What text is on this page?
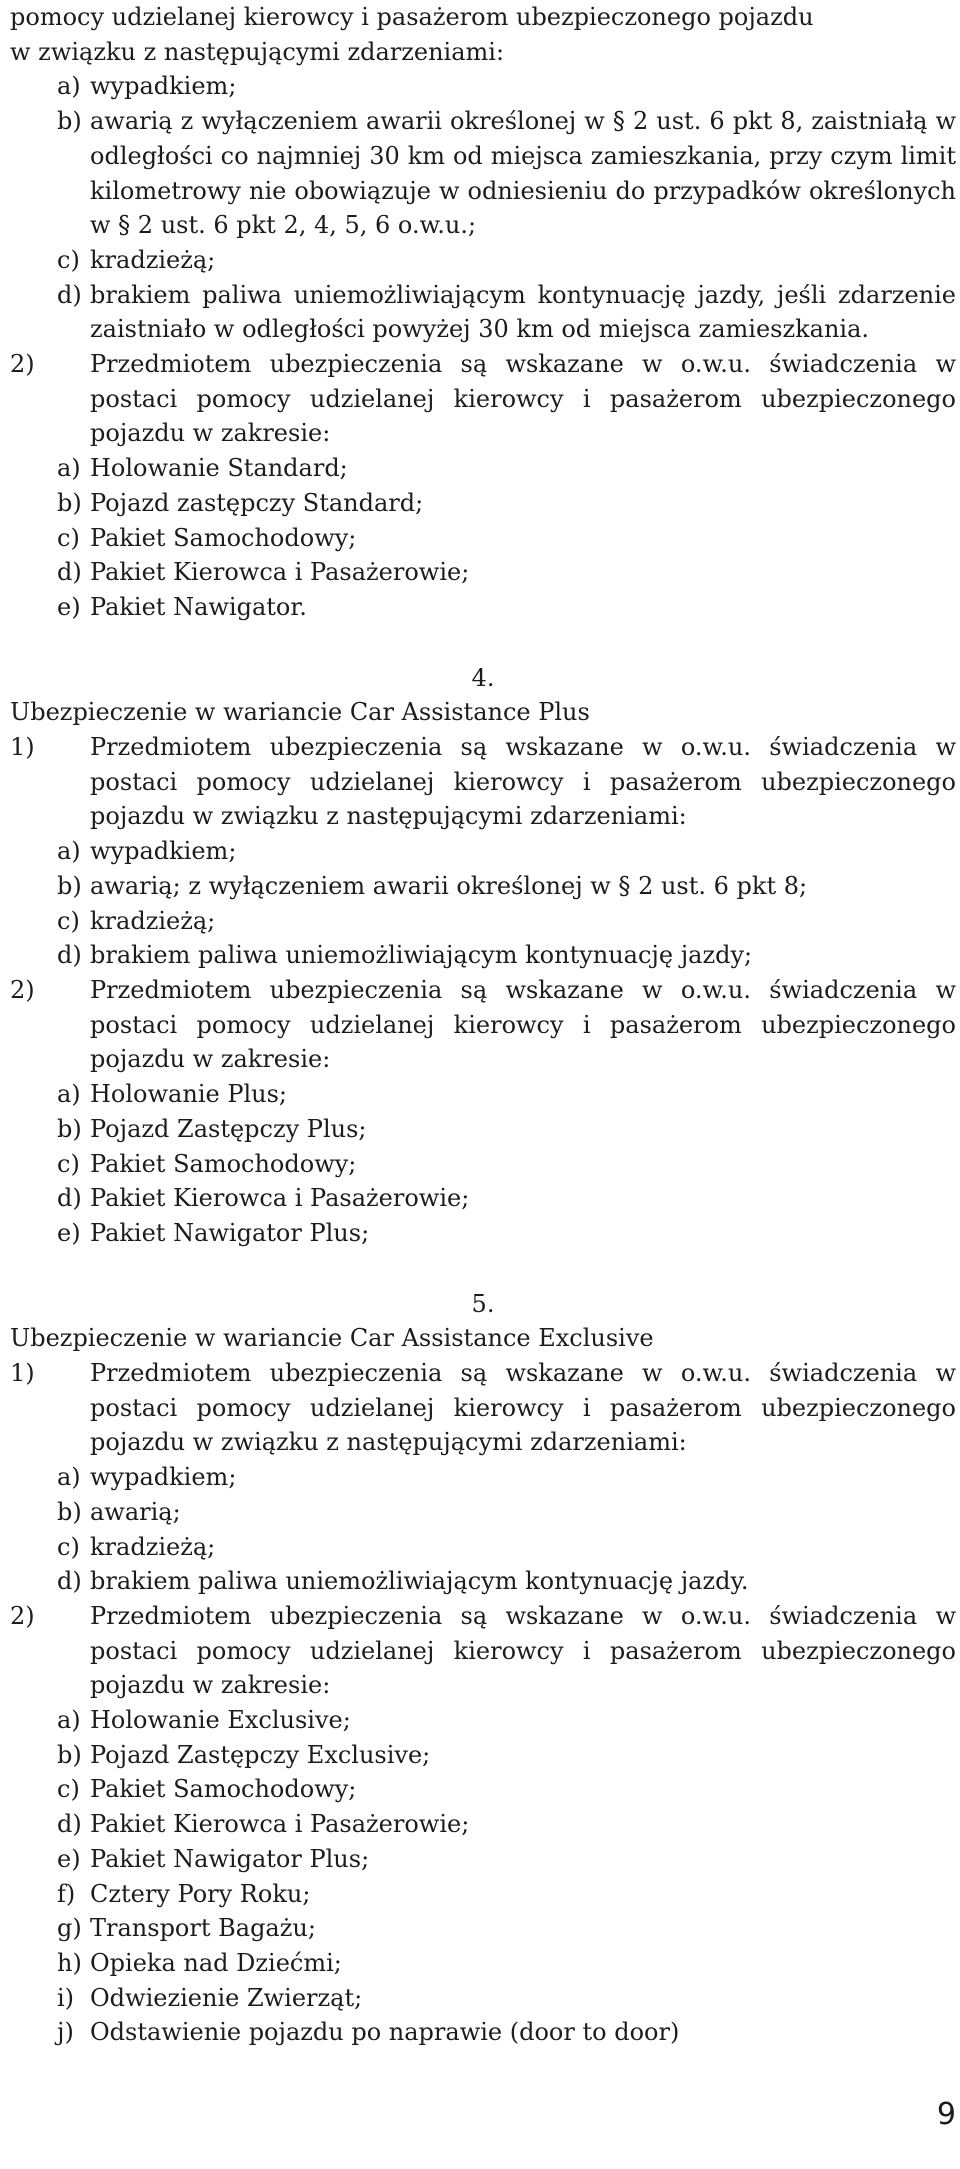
pomocy udzielanej kierowcy i pasażerom ubezpieczonego pojazdu

w związku z następującymi zdarzeniami:

a) wypadkiem;
b) awarią z wyłączeniem awarii określonej w § 2 ust. 6 pkt 8, zaistniałą w odległości co najmniej 30 km od miejsca zamieszkania, przy czym limit kilometrowy nie obowiązuje w odniesieniu do przypadków określonych w § 2 ust. 6 pkt 2, 4, 5, 6 o.w.u.;
c) kradzieżą;
d) brakiem paliwa uniemożliwiającym kontynuację jazdy, jeśli zdarzenie zaistniało w odległości powyżej 30 km od miejsca zamieszkania.
2) Przedmiotem ubezpieczenia są wskazane w o.w.u. świadczenia w postaci pomocy udzielanej kierowcy i pasażerom ubezpieczonego pojazdu w zakresie:
a) Holowanie Standard;
b) Pojazd zastępczy Standard;
c) Pakiet Samochodowy;
d) Pakiet Kierowca i Pasażerowie;
e) Pakiet Nawigator.

4.

Ubezpieczenie w wariancie Car Assistance Plus

1) Przedmiotem ubezpieczenia są wskazane w o.w.u. świadczenia w postaci pomocy udzielanej kierowcy i pasażerom ubezpieczonego pojazdu w związku z następującymi zdarzeniami:
a) wypadkiem;
b) awarią; z wyłączeniem awarii określonej w § 2 ust. 6 pkt 8;
c) kradzieżą;
d) brakiem paliwa uniemożliwiającym kontynuację jazdy;
2) Przedmiotem ubezpieczenia są wskazane w o.w.u. świadczenia w postaci pomocy udzielanej kierowcy i pasażerom ubezpieczonego pojazdu w zakresie:
a) Holowanie Plus;
b) Pojazd Zastępczy Plus;
c) Pakiet Samochodowy;
d) Pakiet Kierowca i Pasażerowie;
e) Pakiet Nawigator Plus;

5.

Ubezpieczenie w wariancie Car Assistance Exclusive

1) Przedmiotem ubezpieczenia są wskazane w o.w.u. świadczenia w postaci pomocy udzielanej kierowcy i pasażerom ubezpieczonego pojazdu w związku z następującymi zdarzeniami:
a) wypadkiem;
b) awarią;
c) kradzieżą;
d) brakiem paliwa uniemożliwiającym kontynuację jazdy.
2) Przedmiotem ubezpieczenia są wskazane w o.w.u. świadczenia w postaci pomocy udzielanej kierowcy i pasażerom ubezpieczonego pojazdu w zakresie:
a) Holowanie Exclusive;
b) Pojazd Zastępczy Exclusive;
c) Pakiet Samochodowy;
d) Pakiet Kierowca i Pasażerowie;
e) Pakiet Nawigator Plus;
f) Cztery Pory Roku;
g) Transport Bagażu;
h) Opieka nad Dziećmi;
i) Odwiezienie Zwierząt;
j) Odstawienie pojazdu po naprawie (door to door)
9
